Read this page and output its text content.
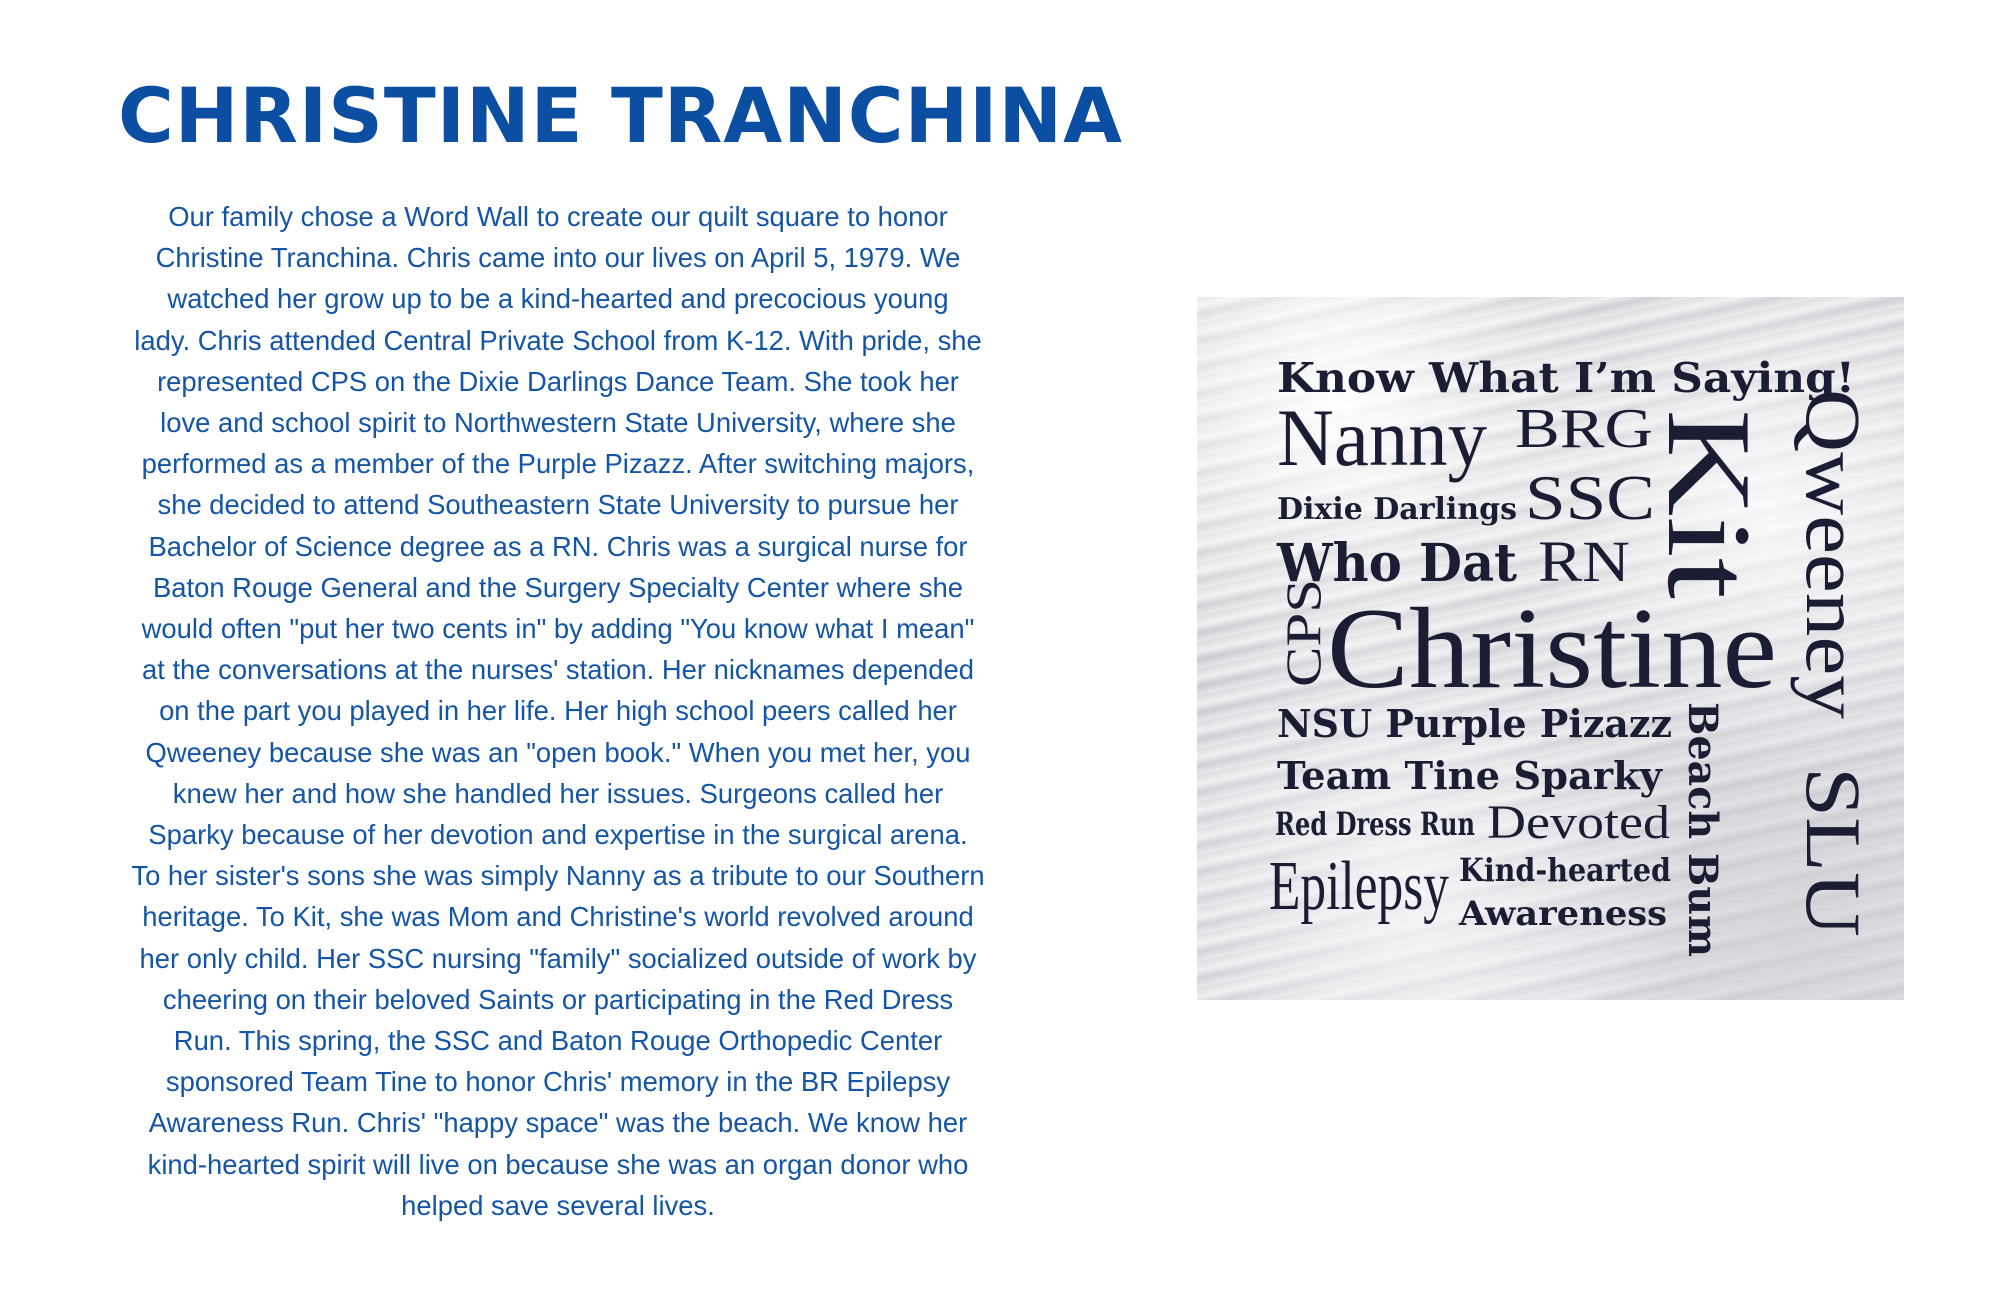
CHRISTINE TRANCHINA
Our family chose a Word Wall to create our quilt square to honor
Christine Tranchina. Chris came into our lives on April 5, 1979. We
watched her grow up to be a kind-hearted and precocious young
lady. Chris attended Central Private School from K-12. With pride, she
represented CPS on the Dixie Darlings Dance Team. She took her
love and school spirit to Northwestern State University, where she
performed as a member of the Purple Pizazz. After switching majors,
she decided to attend Southeastern State University to pursue her
Bachelor of Science degree as a RN. Chris was a surgical nurse for
Baton Rouge General and the Surgery Specialty Center where she
would often "put her two cents in" by adding "You know what I mean"
at the conversations at the nurses' station. Her nicknames depended
on the part you played in her life. Her high school peers called her
Qweeney because she was an "open book." When you met her, you
knew her and how she handled her issues. Surgeons called her
Sparky because of her devotion and expertise in the surgical arena.
To her sister's sons she was simply Nanny as a tribute to our Southern
heritage. To Kit, she was Mom and Christine's world revolved around
her only child. Her SSC nursing "family" socialized outside of work by
cheering on their beloved Saints or participating in the Red Dress
Run. This spring, the SSC and Baton Rouge Orthopedic Center
sponsored Team Tine to honor Chris' memory in the BR Epilepsy
Awareness Run. Chris' "happy space" was the beach. We know her
kind-hearted spirit will live on because she was an organ donor who
helped save several lives.
Know What I’m Saying!
Nanny BRG
Dixie Darlings SSC
Who Dat RN
CPS
Christine
Kit Qweeney
SLU
NSU Purple Pizazz Beach Bum
Team Tine Sparky
Red Dress Run Devoted
Epilepsy Kind-hearted
Awareness
